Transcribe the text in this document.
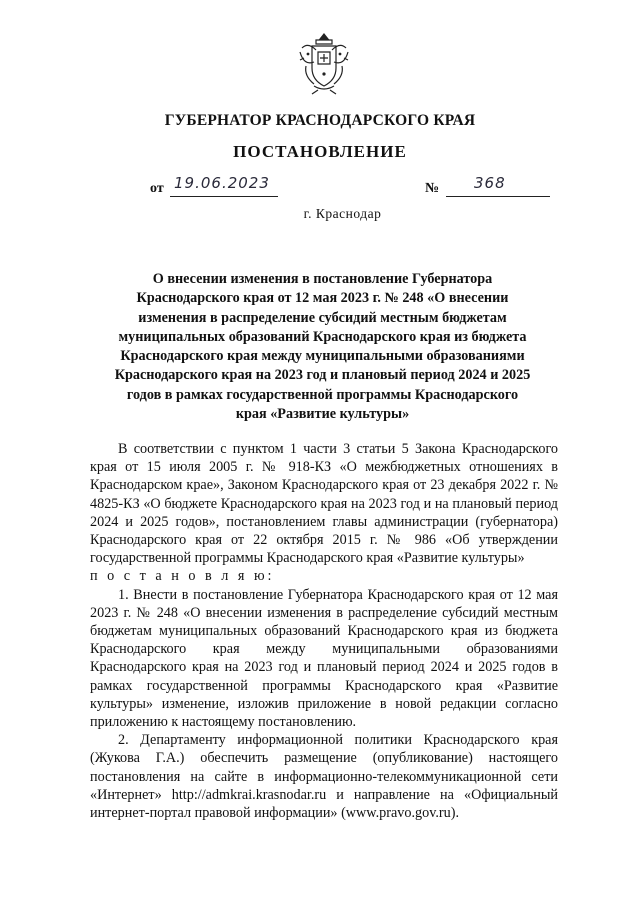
ГУБЕРНАТОР КРАСНОДАРСКОГО КРАЯ
ПОСТАНОВЛЕНИЕ
от 19.06.2023	№ 368
г. Краснодар
О внесении изменения в постановление Губернатора Краснодарского края от 12 мая 2023 г. № 248 «О внесении изменения в распределение субсидий местным бюджетам муниципальных образований Краснодарского края из бюджета Краснодарского края между муниципальными образованиями Краснодарского края на 2023 год и плановый период 2024 и 2025 годов в рамках государственной программы Краснодарского края «Развитие культуры»

В соответствии с пунктом 1 части 3 статьи 5 Закона Краснодарского края от 15 июля 2005 г. № 918-КЗ «О межбюджетных отношениях в Краснодарском крае», Законом Краснодарского края от 23 декабря 2022 г. № 4825-КЗ «О бюджете Краснодарского края на 2023 год и на плановый период 2024 и 2025 годов», постановлением главы администрации (губернатора) Краснодарского края от 22 октября 2015 г. № 986 «Об утверждении государственной программы Краснодарского края «Развитие культуры»

п о с т а н о в л я ю:

1. Внести в постановление Губернатора Краснодарского края от 12 мая 2023 г. № 248 «О внесении изменения в распределение субсидий местным бюджетам муниципальных образований Краснодарского края из бюджета Краснодарского края между муниципальными образованиями Краснодарского края на 2023 год и плановый период 2024 и 2025 годов в рамках государственной программы Краснодарского края «Развитие культуры» изменение, изложив приложение в новой редакции согласно приложению к настоящему постановлению.

2. Департаменту информационной политики Краснодарского края (Жукова Г.А.) обеспечить размещение (опубликование) настоящего постановления на сайте в информационно-телекоммуникационной сети «Интернет» http://admkrai.krasnodar.ru и направление на «Официальный интернет-портал правовой информации» (www.pravo.gov.ru).
